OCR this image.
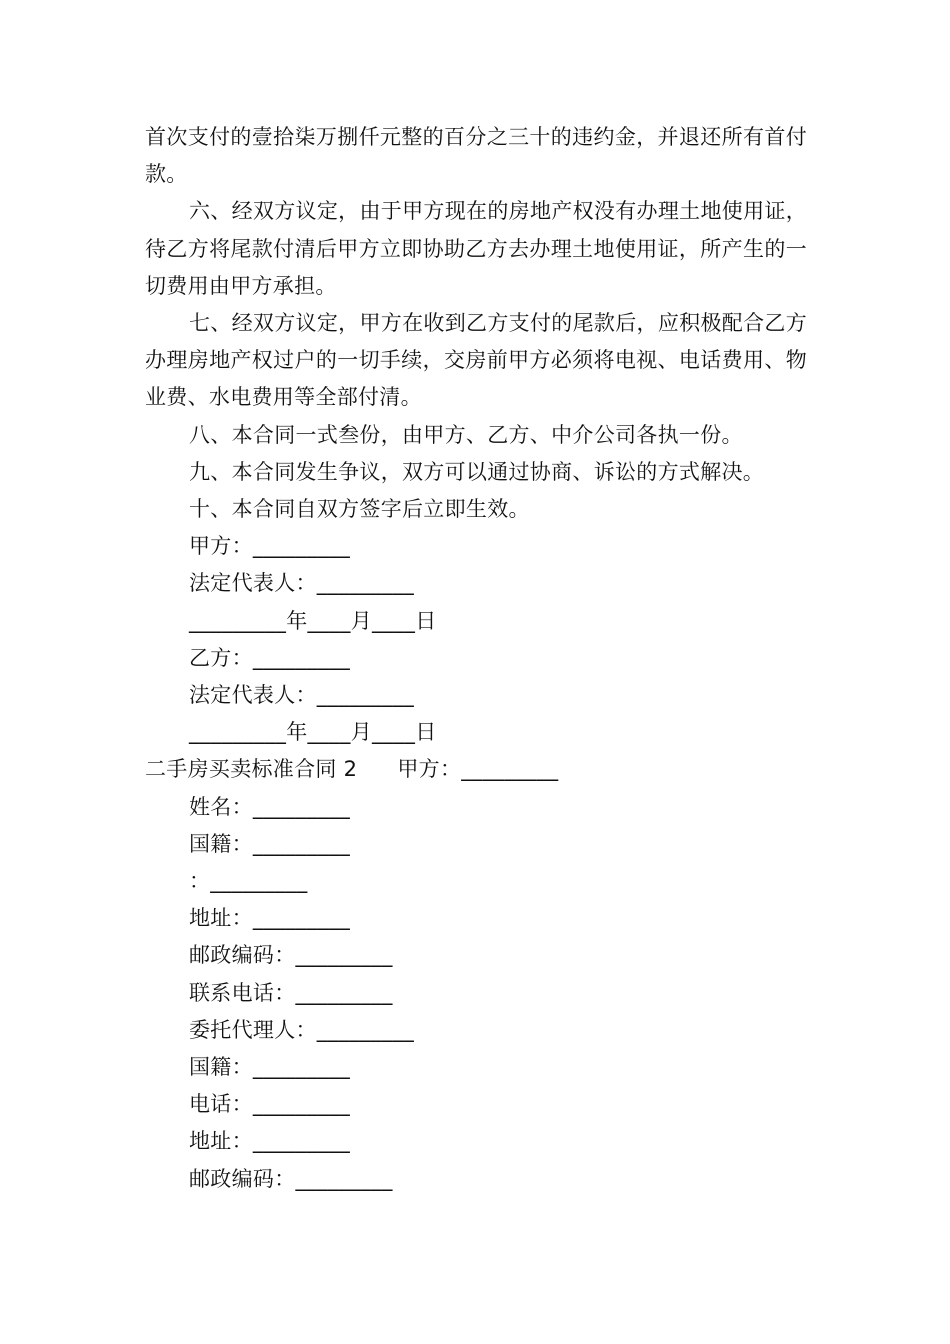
首次支付的壹拾柒万捌仟元整的百分之三十的违约金，并退还所有首付款。

六、经双方议定，由于甲方现在的房地产权没有办理土地使用证，待乙方将尾款付清后甲方立即协助乙方去办理土地使用证，所产生的一切费用由甲方承担。

七、经双方议定，甲方在收到乙方支付的尾款后，应积极配合乙方办理房地产权过户的一切手续，交房前甲方必须将电视、电话费用、物业费、水电费用等全部付清。

八、本合同一式叁份，由甲方、乙方、中介公司各执一份。

九、本合同发生争议，双方可以通过协商、诉讼的方式解决。

十、本合同自双方签字后立即生效。

甲方：_________
法定代表人：_________
_________年____月____日
乙方：_________
法定代表人：_________
_________年____月____日
二手房买卖标准合同 2 甲方：_________
姓名：_________
国籍：_________
：_________
地址：_________
邮政编码：_________
联系电话：_________
委托代理人：_________
国籍：_________
电话：_________
地址：_________
邮政编码：_________
